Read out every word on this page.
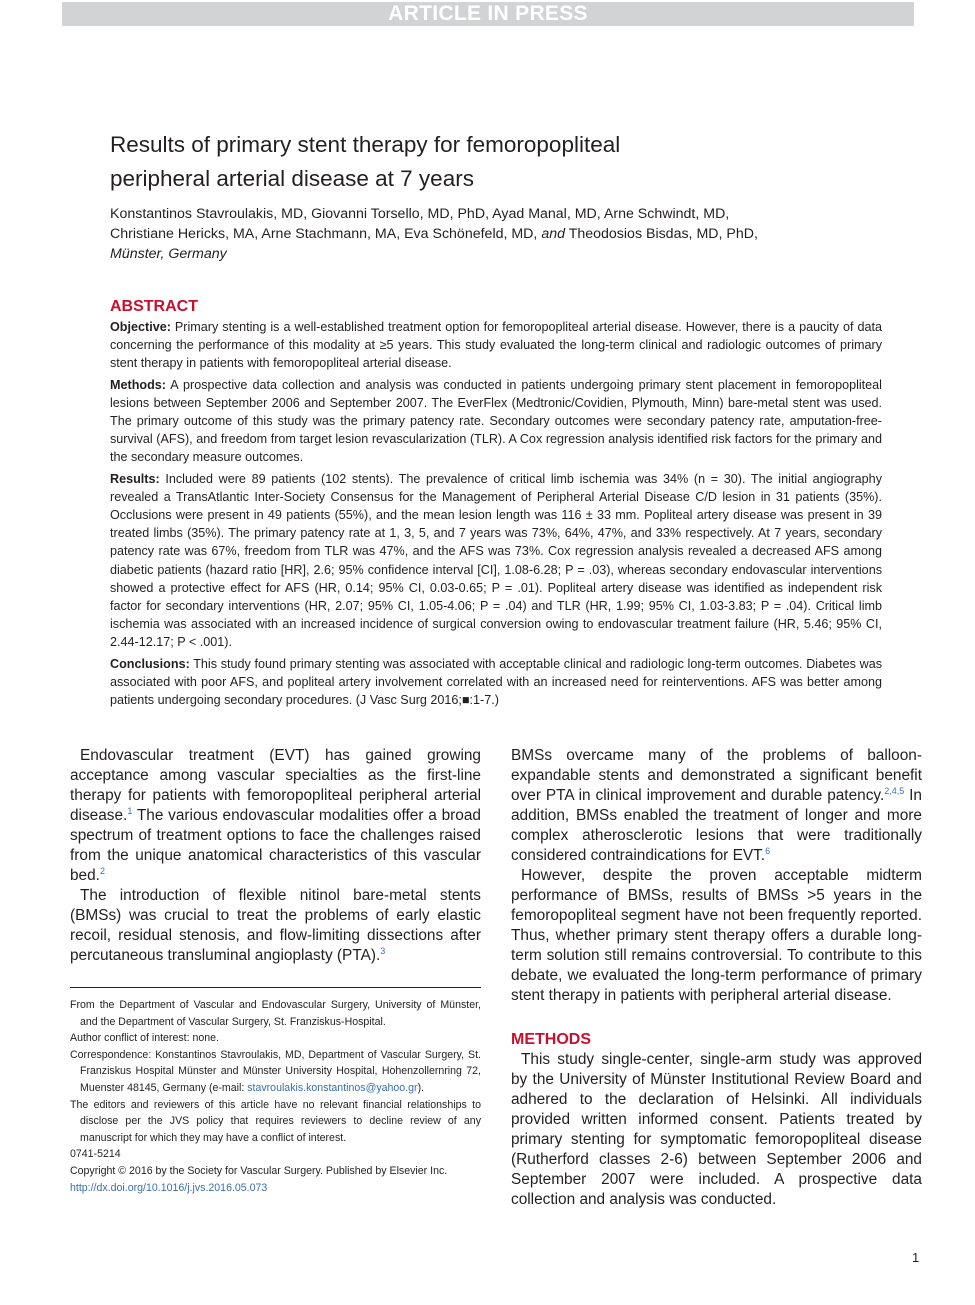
ARTICLE IN PRESS
Results of primary stent therapy for femoropopliteal
peripheral arterial disease at 7 years
Konstantinos Stavroulakis, MD, Giovanni Torsello, MD, PhD, Ayad Manal, MD, Arne Schwindt, MD,
Christiane Hericks, MA, Arne Stachmann, MA, Eva Schönefeld, MD, and Theodosios Bisdas, MD, PhD,
Münster, Germany
ABSTRACT

Objective: Primary stenting is a well-established treatment option for femoropopliteal arterial disease. However, there is a paucity of data concerning the performance of this modality at ≥5 years. This study evaluated the long-term clinical and radiologic outcomes of primary stent therapy in patients with femoropopliteal arterial disease.

Methods: A prospective data collection and analysis was conducted in patients undergoing primary stent placement in femoropopliteal lesions between September 2006 and September 2007. The EverFlex (Medtronic/Covidien, Plymouth, Minn) bare-metal stent was used. The primary outcome of this study was the primary patency rate. Secondary outcomes were secondary patency rate, amputation-free-survival (AFS), and freedom from target lesion revascularization (TLR). A Cox regression analysis identified risk factors for the primary and the secondary measure outcomes.

Results: Included were 89 patients (102 stents). The prevalence of critical limb ischemia was 34% (n = 30). The initial angiography revealed a TransAtlantic Inter-Society Consensus for the Management of Peripheral Arterial Disease C/D lesion in 31 patients (35%). Occlusions were present in 49 patients (55%), and the mean lesion length was 116 ± 33 mm. Popliteal artery disease was present in 39 treated limbs (35%). The primary patency rate at 1, 3, 5, and 7 years was 73%, 64%, 47%, and 33% respectively. At 7 years, secondary patency rate was 67%, freedom from TLR was 47%, and the AFS was 73%. Cox regression analysis revealed a decreased AFS among diabetic patients (hazard ratio [HR], 2.6; 95% confidence interval [CI], 1.08-6.28; P = .03), whereas secondary endovascular interventions showed a protective effect for AFS (HR, 0.14; 95% CI, 0.03-0.65; P = .01). Popliteal artery disease was identified as independent risk factor for secondary interventions (HR, 2.07; 95% CI, 1.05-4.06; P = .04) and TLR (HR, 1.99; 95% CI, 1.03-3.83; P = .04). Critical limb ischemia was associated with an increased incidence of surgical conversion owing to endovascular treatment failure (HR, 5.46; 95% CI, 2.44-12.17; P < .001).

Conclusions: This study found primary stenting was associated with acceptable clinical and radiologic long-term outcomes. Diabetes was associated with poor AFS, and popliteal artery involvement correlated with an increased need for reinterventions. AFS was better among patients undergoing secondary procedures. (J Vasc Surg 2016;■:1-7.)

Endovascular treatment (EVT) has gained growing acceptance among vascular specialties as the first-line therapy for patients with femoropopliteal peripheral arterial disease.$^1$ The various endovascular modalities offer a broad spectrum of treatment options to face the challenges raised from the unique anatomical characteristics of this vascular bed.$^2$

The introduction of flexible nitinol bare-metal stents (BMSs) was crucial to treat the problems of early elastic recoil, residual stenosis, and flow-limiting dissections after percutaneous transluminal angioplasty (PTA).$^3$

From the Department of Vascular and Endovascular Surgery, University of Münster, and the Department of Vascular Surgery, St. Franziskus-Hospital.

Author conflict of interest: none.

Correspondence: Konstantinos Stavroulakis, MD, Department of Vascular Surgery, St. Franziskus Hospital Münster and Münster University Hospital, Hohenzollernring 72, Muenster 48145, Germany (e-mail: stavroulakis.konstantinos@yahoo.gr).

The editors and reviewers of this article have no relevant financial relationships to disclose per the JVS policy that requires reviewers to decline review of any manuscript for which they may have a conflict of interest.

0741-5214

Copyright © 2016 by the Society for Vascular Surgery. Published by Elsevier Inc.

http://dx.doi.org/10.1016/j.jvs.2016.05.073

BMSs overcame many of the problems of balloon-expandable stents and demonstrated a significant benefit over PTA in clinical improvement and durable patency.$^{2,4,5}$ In addition, BMSs enabled the treatment of longer and more complex atherosclerotic lesions that were traditionally considered contraindications for EVT.$^6$

However, despite the proven acceptable midterm performance of BMSs, results of BMSs >5 years in the femoropopliteal segment have not been frequently reported. Thus, whether primary stent therapy offers a durable long-term solution still remains controversial. To contribute to this debate, we evaluated the long-term performance of primary stent therapy in patients with peripheral arterial disease.

METHODS

This study single-center, single-arm study was approved by the University of Münster Institutional Review Board and adhered to the declaration of Helsinki. All individuals provided written informed consent. Patients treated by primary stenting for symptomatic femoropopliteal disease (Rutherford classes 2-6) between September 2006 and September 2007 were included. A prospective data collection and analysis was conducted.

1
